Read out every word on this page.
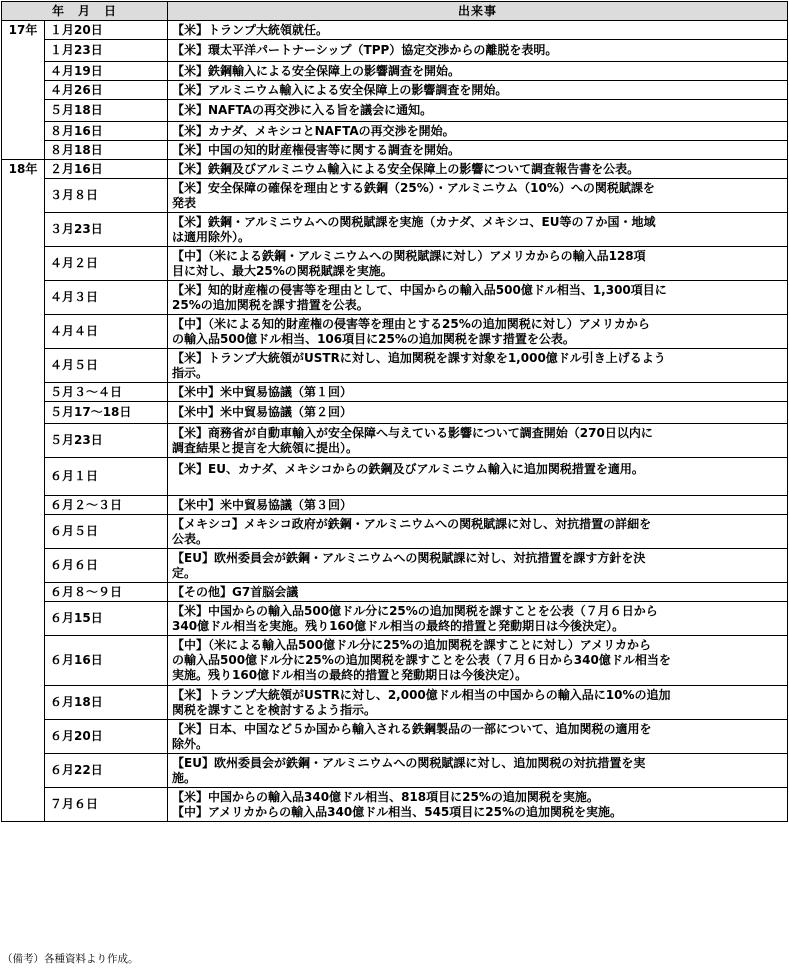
年　月　日		出来事
17年	１月20日	【米】トランプ大統領就任。

	１月23日	【米】環太平洋パートナーシップ（TPP）協定交渉からの離脱を表明。

	４月19日	【米】鉄鋼輸入による安全保障上の影響調査を開始。

	４月26日	【米】アルミニウム輸入による安全保障上の影響調査を開始。

	５月18日	【米】NAFTAの再交渉に入る旨を議会に通知。

	８月16日	【米】カナダ、メキシコとNAFTAの再交渉を開始。

	８月18日	【米】中国の知的財産権侵害等に関する調査を開始。

18年	２月16日	【米】鉄鋼及びアルミニウム輸入による安全保障上の影響について調査報告書を公表。

	３月８日	【米】安全保障の確保を理由とする鉄鋼（25%）・アルミニウム（10%）への関税賦課を
発表

	３月23日	【米】鉄鋼・アルミニウムへの関税賦課を実施（カナダ、メキシコ、EU等の７か国・地域
は適用除外）。

	４月２日	【中】（米による鉄鋼・アルミニウムへの関税賦課に対し）アメリカからの輸入品128項
目に対し、最大25%の関税賦課を実施。

	４月３日	【米】知的財産権の侵害等を理由として、中国からの輸入品500億ドル相当、1,300項目に
25%の追加関税を課す措置を公表。

	４月４日	【中】（米による知的財産権の侵害等を理由とする25%の追加関税に対し）アメリカから
の輸入品500億ドル相当、106項目に25%の追加関税を課す措置を公表。

	４月５日	【米】トランプ大統領がUSTRに対し、追加関税を課す対象を1,000億ドル引き上げるよう
指示。

	５月３～４日	【米中】米中貿易協議（第１回）

	５月17～18日	【米中】米中貿易協議（第２回）

	５月23日	【米】商務省が自動車輸入が安全保障へ与えている影響について調査開始（270日以内に
調査結果と提言を大統領に提出）。

	６月１日	【米】EU、カナダ、メキシコからの鉄鋼及びアルミニウム輸入に追加関税措置を適用。

	６月２～３日	【米中】米中貿易協議（第３回）

	６月５日	【メキシコ】メキシコ政府が鉄鋼・アルミニウムへの関税賦課に対し、対抗措置の詳細を
公表。

	６月６日	【EU】欧州委員会が鉄鋼・アルミニウムへの関税賦課に対し、対抗措置を課す方針を決
定。

	６月８～９日	【その他】G7首脳会議

	６月15日	【米】中国からの輸入品500億ドル分に25%の追加関税を課すことを公表（７月６日から
340億ドル相当を実施。残り160億ドル相当の最終的措置と発動期日は今後決定）。

	６月16日	【中】（米による輸入品500億ドル分に25%の追加関税を課すことに対し）アメリカから
の輸入品500億ドル分に25%の追加関税を課すことを公表（７月６日から340億ドル相当を
実施。残り160億ドル相当の最終的措置と発動期日は今後決定）。

	６月18日	【米】トランプ大統領がUSTRに対し、2,000億ドル相当の中国からの輸入品に10%の追加
関税を課すことを検討するよう指示。

	６月20日	【米】日本、中国など５か国から輸入される鉄鋼製品の一部について、追加関税の適用を
除外。

	６月22日	【EU】欧州委員会が鉄鋼・アルミニウムへの関税賦課に対し、追加関税の対抗措置を実
施。

	７月６日	【米】中国からの輸入品340億ドル相当、818項目に25%の追加関税を実施。
【中】アメリカからの輸入品340億ドル相当、545項目に25%の追加関税を実施。
（備考）各種資料より作成。
